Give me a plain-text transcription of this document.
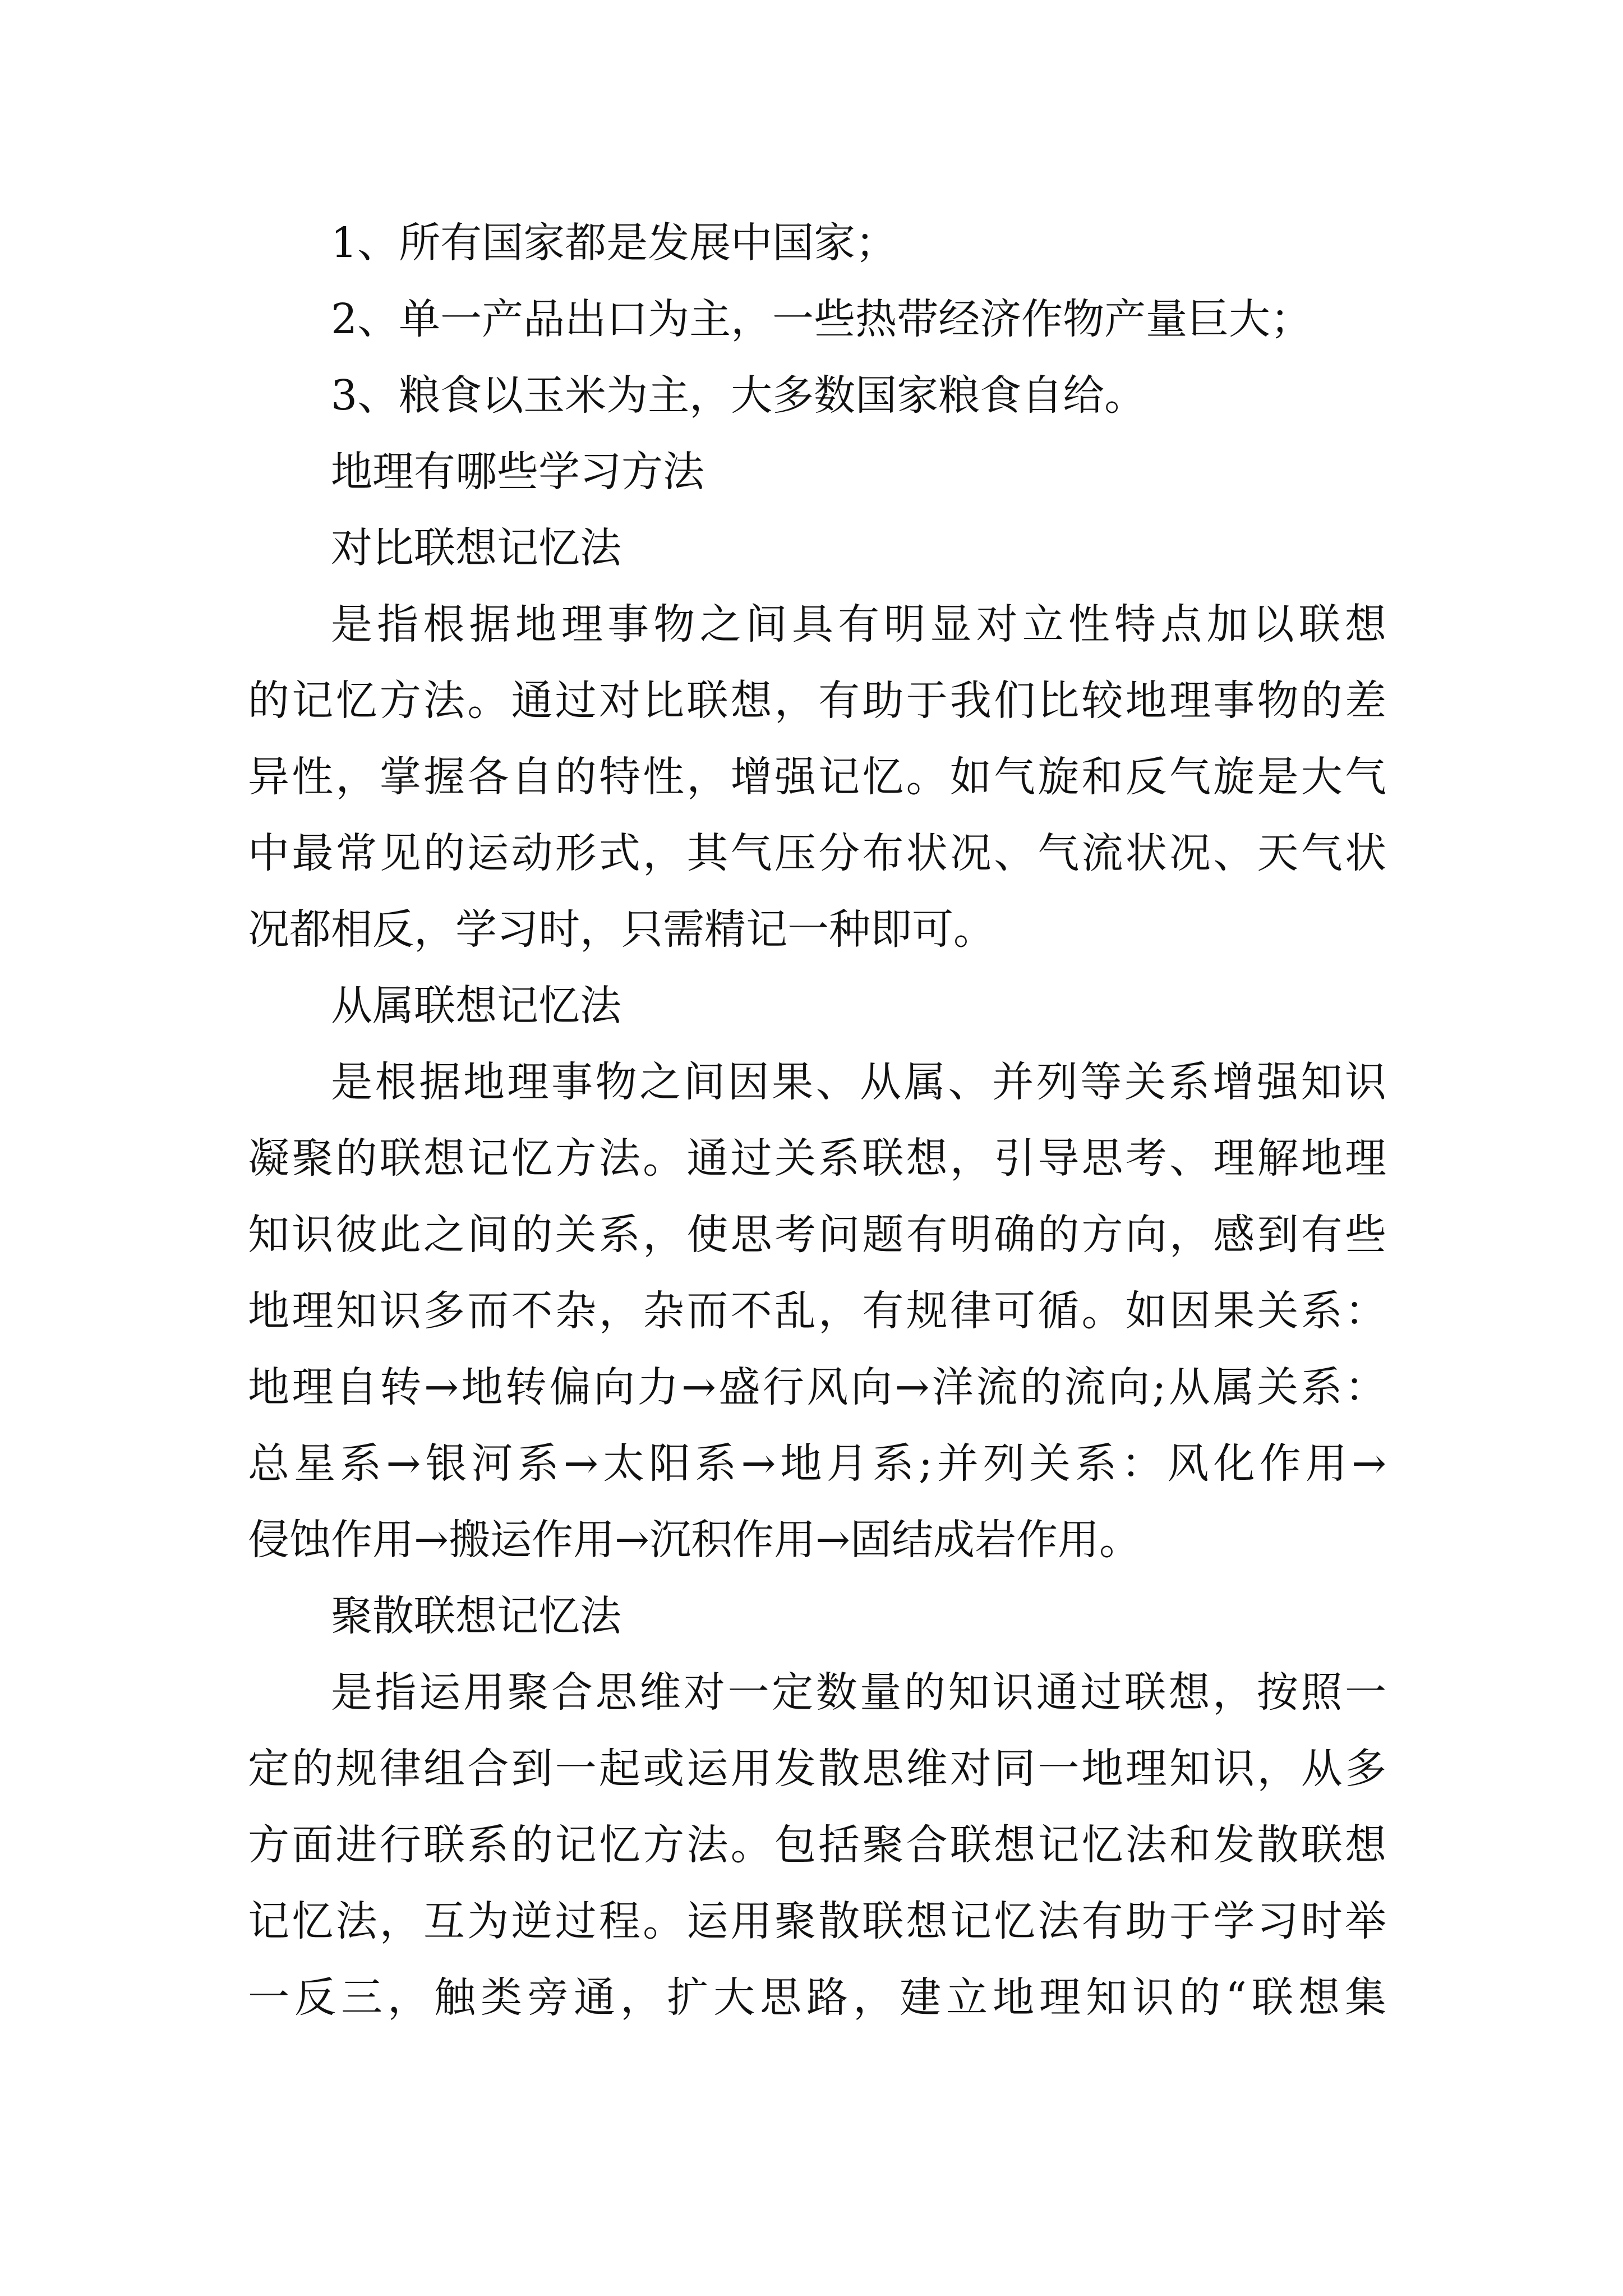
1、所有国家都是发展中国家；
2、单一产品出口为主，一些热带经济作物产量巨大；
3、粮食以玉米为主，大多数国家粮食自给。
地理有哪些学习方法
对比联想记忆法
是指根据地理事物之间具有明显对立性特点加以联想
的记忆方法。通过对比联想，有助于我们比较地理事物的差
异性，掌握各自的特性，增强记忆。如气旋和反气旋是大气
中最常见的运动形式，其气压分布状况、气流状况、天气状
况都相反，学习时，只需精记一种即可。
从属联想记忆法
是根据地理事物之间因果、从属、并列等关系增强知识
凝聚的联想记忆方法。通过关系联想，引导思考、理解地理
知识彼此之间的关系，使思考问题有明确的方向，感到有些
地理知识多而不杂，杂而不乱，有规律可循。如因果关系：
地理自转→地转偏向力→盛行风向→洋流的流向;从属关系：
总星系→银河系→太阳系→地月系;并列关系：风化作用→
侵蚀作用→搬运作用→沉积作用→固结成岩作用。
聚散联想记忆法
是指运用聚合思维对一定数量的知识通过联想，按照一
定的规律组合到一起或运用发散思维对同一地理知识，从多
方面进行联系的记忆方法。包括聚合联想记忆法和发散联想
记忆法，互为逆过程。运用聚散联想记忆法有助于学习时举
一反三，触类旁通，扩大思路，建立地理知识的“联想集
